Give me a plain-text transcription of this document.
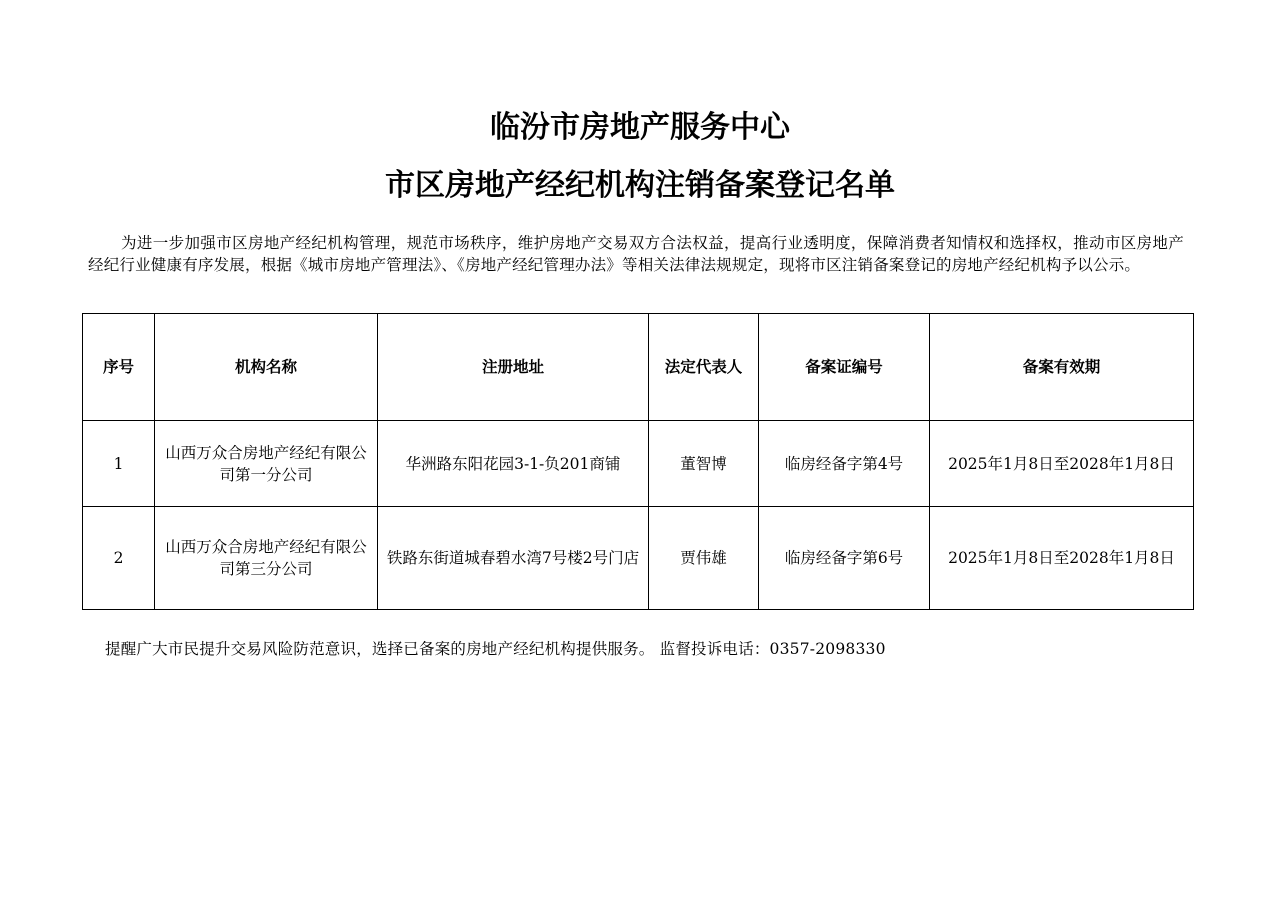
临汾市房地产服务中心
市区房地产经纪机构注销备案登记名单

为进一步加强市区房地产经纪机构管理，规范市场秩序，维护房地产交易双方合法权益，提高行业透明度，保障消费者知情权和选择权，推动市区房地产经纪行业健康有序发展，根据《城市房地产管理法》、《房地产经纪管理办法》等相关法律法规规定，现将市区注销备案登记的房地产经纪机构予以公示。

序号	机构名称	注册地址	法定代表人	备案证编号	备案有效期
1	山西万众合房地产经纪有限公司第一分公司	华洲路东阳花园3-1-负201商铺	董智博	临房经备字第4号	2025年1月8日至2028年1月8日
2	山西万众合房地产经纪有限公司第三分公司	铁路东街道城春碧水湾7号楼2号门店	贾伟雄	临房经备字第6号	2025年1月8日至2028年1月8日

提醒广大市民提升交易风险防范意识，选择已备案的房地产经纪机构提供服务。 监督投诉电话：0357-2098330
